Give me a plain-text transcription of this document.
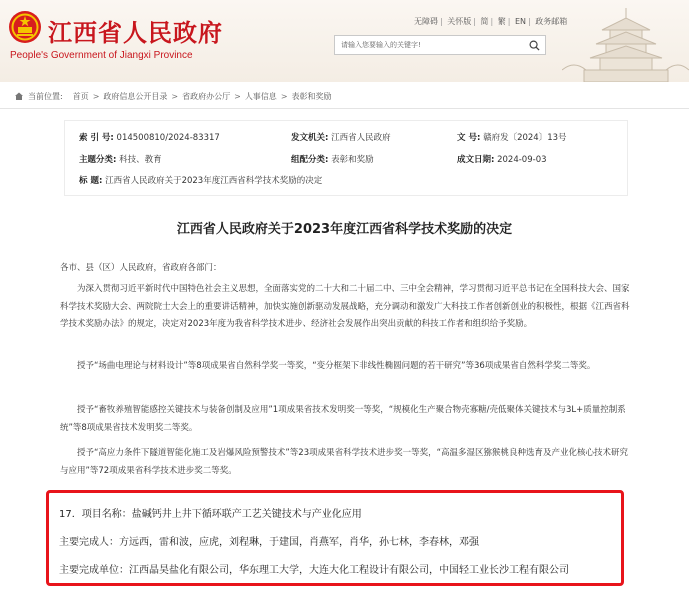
江西省人民政府
People's Government of Jiangxi Province
无障碍 | 关怀版 | 简 | 繁 | EN | 政务邮箱
请输入您要输入的关键字!
当前位置: 首页 > 政府信息公开目录 > 省政府办公厅 > 人事信息 > 表彰和奖励
索 引 号: 014500810/2024-83317	发文机关: 江西省人民政府	文 号: 赣府发〔2024〕13号
主题分类: 科技、教育	组配分类: 表彰和奖励	成文日期: 2024-09-03
标 题: 江西省人民政府关于2023年度江西省科学技术奖励的决定
江西省人民政府关于2023年度江西省科学技术奖励的决定
各市、县（区）人民政府，省政府各部门：
为深入贯彻习近平新时代中国特色社会主义思想，全面落实党的二十大和二十届二中、三中全会精神，学习贯彻习近平总书记在全国科技大会、国家科学技术奖励大会、两院院士大会上的重要讲话精神，加快实施创新驱动发展战略，充分调动和激发广大科技工作者创新创业的积极性，根据《江西省科学技术奖励办法》的规定，决定对2023年度为我省科学技术进步、经济社会发展作出突出贡献的科技工作者和组织给予奖励。
授予“场曲电理论与材料设计”等8项成果省自然科学奖一等奖，“变分框架下非线性椭圆问题的若干研究”等36项成果省自然科学奖二等奖。
授予“畜牧养殖智能感控关键技术与装备创制及应用”1项成果省技术发明奖一等奖，“规模化生产聚合物壳寡糖/壳低聚体关键技术与3L+质量控制系统”等8项成果省技术发明奖二等奖。
授予“高应力条件下隧道智能化施工及岩爆风险预警技术”等23项成果省科学技术进步奖一等奖，“高温多湿区猕猴桃良种选育及产业化核心技术研究与应用”等72项成果省科学技术进步奖二等奖。
17．项目名称：盐碱钙井上井下循环联产工艺关键技术与产业化应用
主要完成人：方远西，雷和波，应虎，刘程琳，于建国，肖燕军，肖华，孙七林，李春林，邓强
主要完成单位：江西晶昊盐化有限公司，华东理工大学，大连大化工程设计有限公司，中国轻工业长沙工程有限公司
